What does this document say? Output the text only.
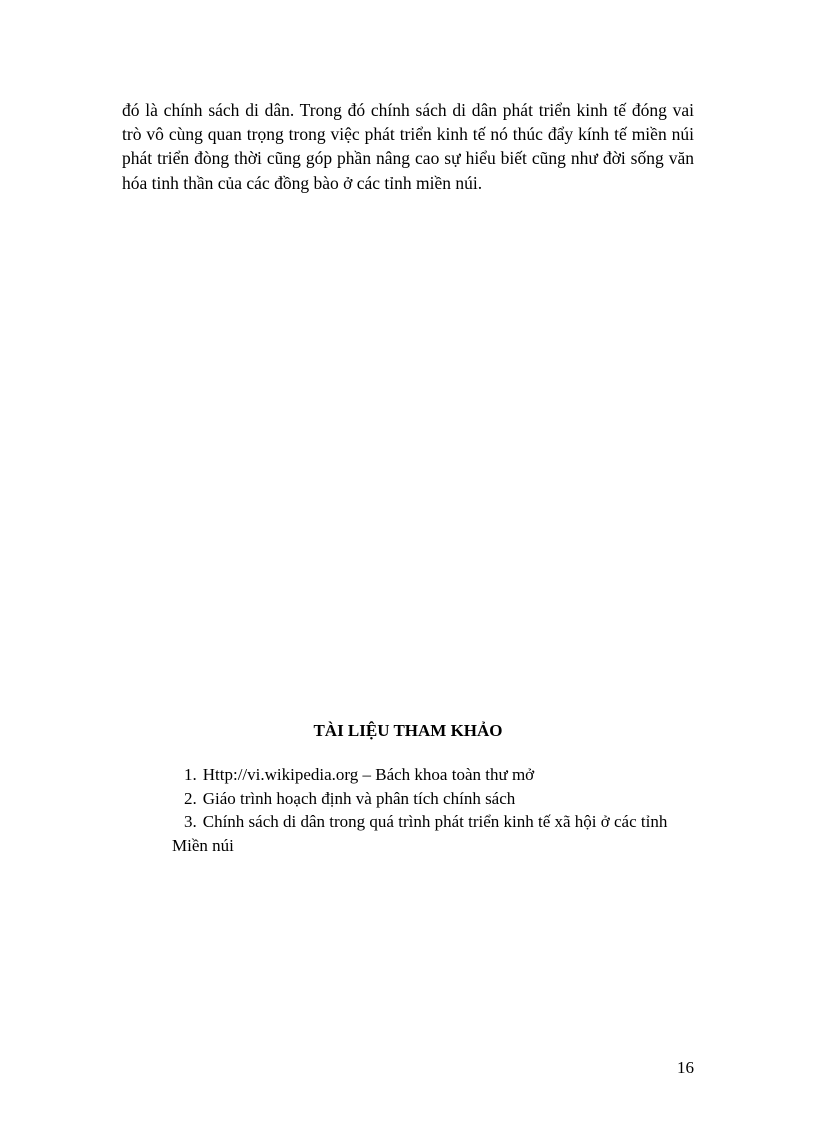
đó là chính sách di dân. Trong đó chính sách di dân phát triển kinh tế đóng vai trò vô cùng quan trọng trong việc phát triển kinh tế nó thúc đẩy kính tế miền núi phát triển đòng thời cũng góp phần nâng cao sự hiểu biết cũng như đời sống văn hóa tinh thần của các đồng bào ở các tỉnh miền núi.

TÀI LIỆU THAM KHẢO
1. Http://vi.wikipedia.org – Bách khoa toàn thư mở
2. Giáo trình hoạch định và phân tích chính sách
3. Chính sách di dân trong quá trình phát triển kinh tế xã hội ở các tỉnh Miền núi
16
